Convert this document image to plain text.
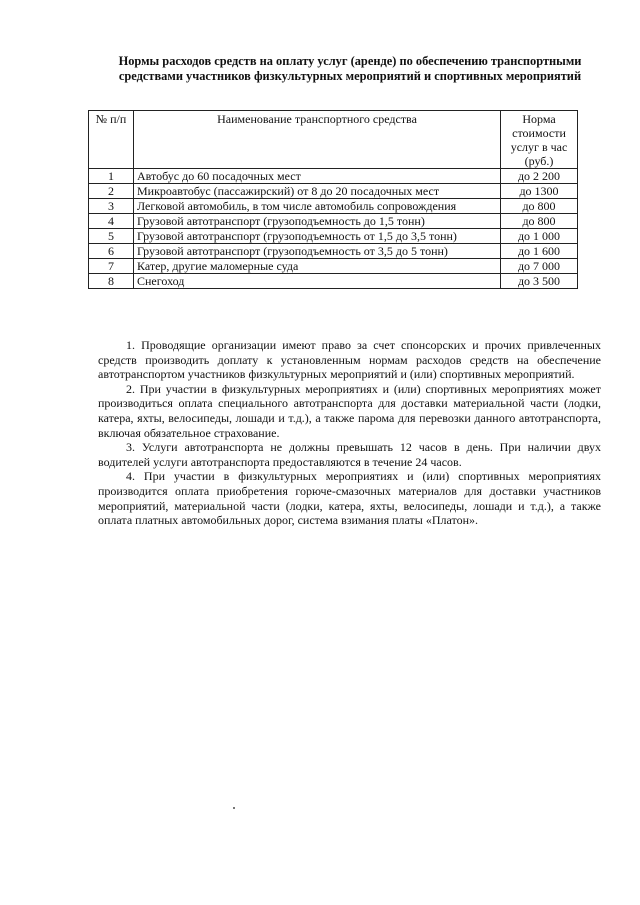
Нормы расходов средств на оплату услуг (аренде) по обеспечению транспортными средствами участников физкультурных мероприятий и спортивных мероприятий
№ п/п	Наименование транспортного средства	Норма стоимости услуг в час (руб.)
1	Автобус до 60 посадочных мест	до 2 200
2	Микроавтобус (пассажирский) от 8 до 20 посадочных мест	до 1300
3	Легковой автомобиль, в том числе автомобиль сопровождения	до 800
4	Грузовой автотранспорт (грузоподъемность до 1,5 тонн)	до 800
5	Грузовой автотранспорт (грузоподъемность от 1,5 до 3,5 тонн)	до 1 000
6	Грузовой автотранспорт (грузоподъемность от 3,5 до 5 тонн)	до 1 600
7	Катер, другие маломерные суда	до 7 000
8	Снегоход	до 3 500

1. Проводящие организации имеют право за счет спонсорских и прочих привлеченных средств производить доплату к установленным нормам расходов средств на обеспечение автотранспортом участников физкультурных мероприятий и (или) спортивных мероприятий.

2. При участии в физкультурных мероприятиях и (или) спортивных мероприятиях может производиться оплата специального автотранспорта для доставки материальной части (лодки, катера, яхты, велосипеды, лошади и т.д.), а также парома для перевозки данного автотранспорта, включая обязательное страхование.

3. Услуги автотранспорта не должны превышать 12 часов в день. При наличии двух водителей услуги автотранспорта предоставляются в течение 24 часов.

4. При участии в физкультурных мероприятиях и (или) спортивных мероприятиях производится оплата приобретения горюче-смазочных материалов для доставки участников мероприятий, материальной части (лодки, катера, яхты, велосипеды, лошади и т.д.), а также оплата платных автомобильных дорог, система взимания платы «Платон».
